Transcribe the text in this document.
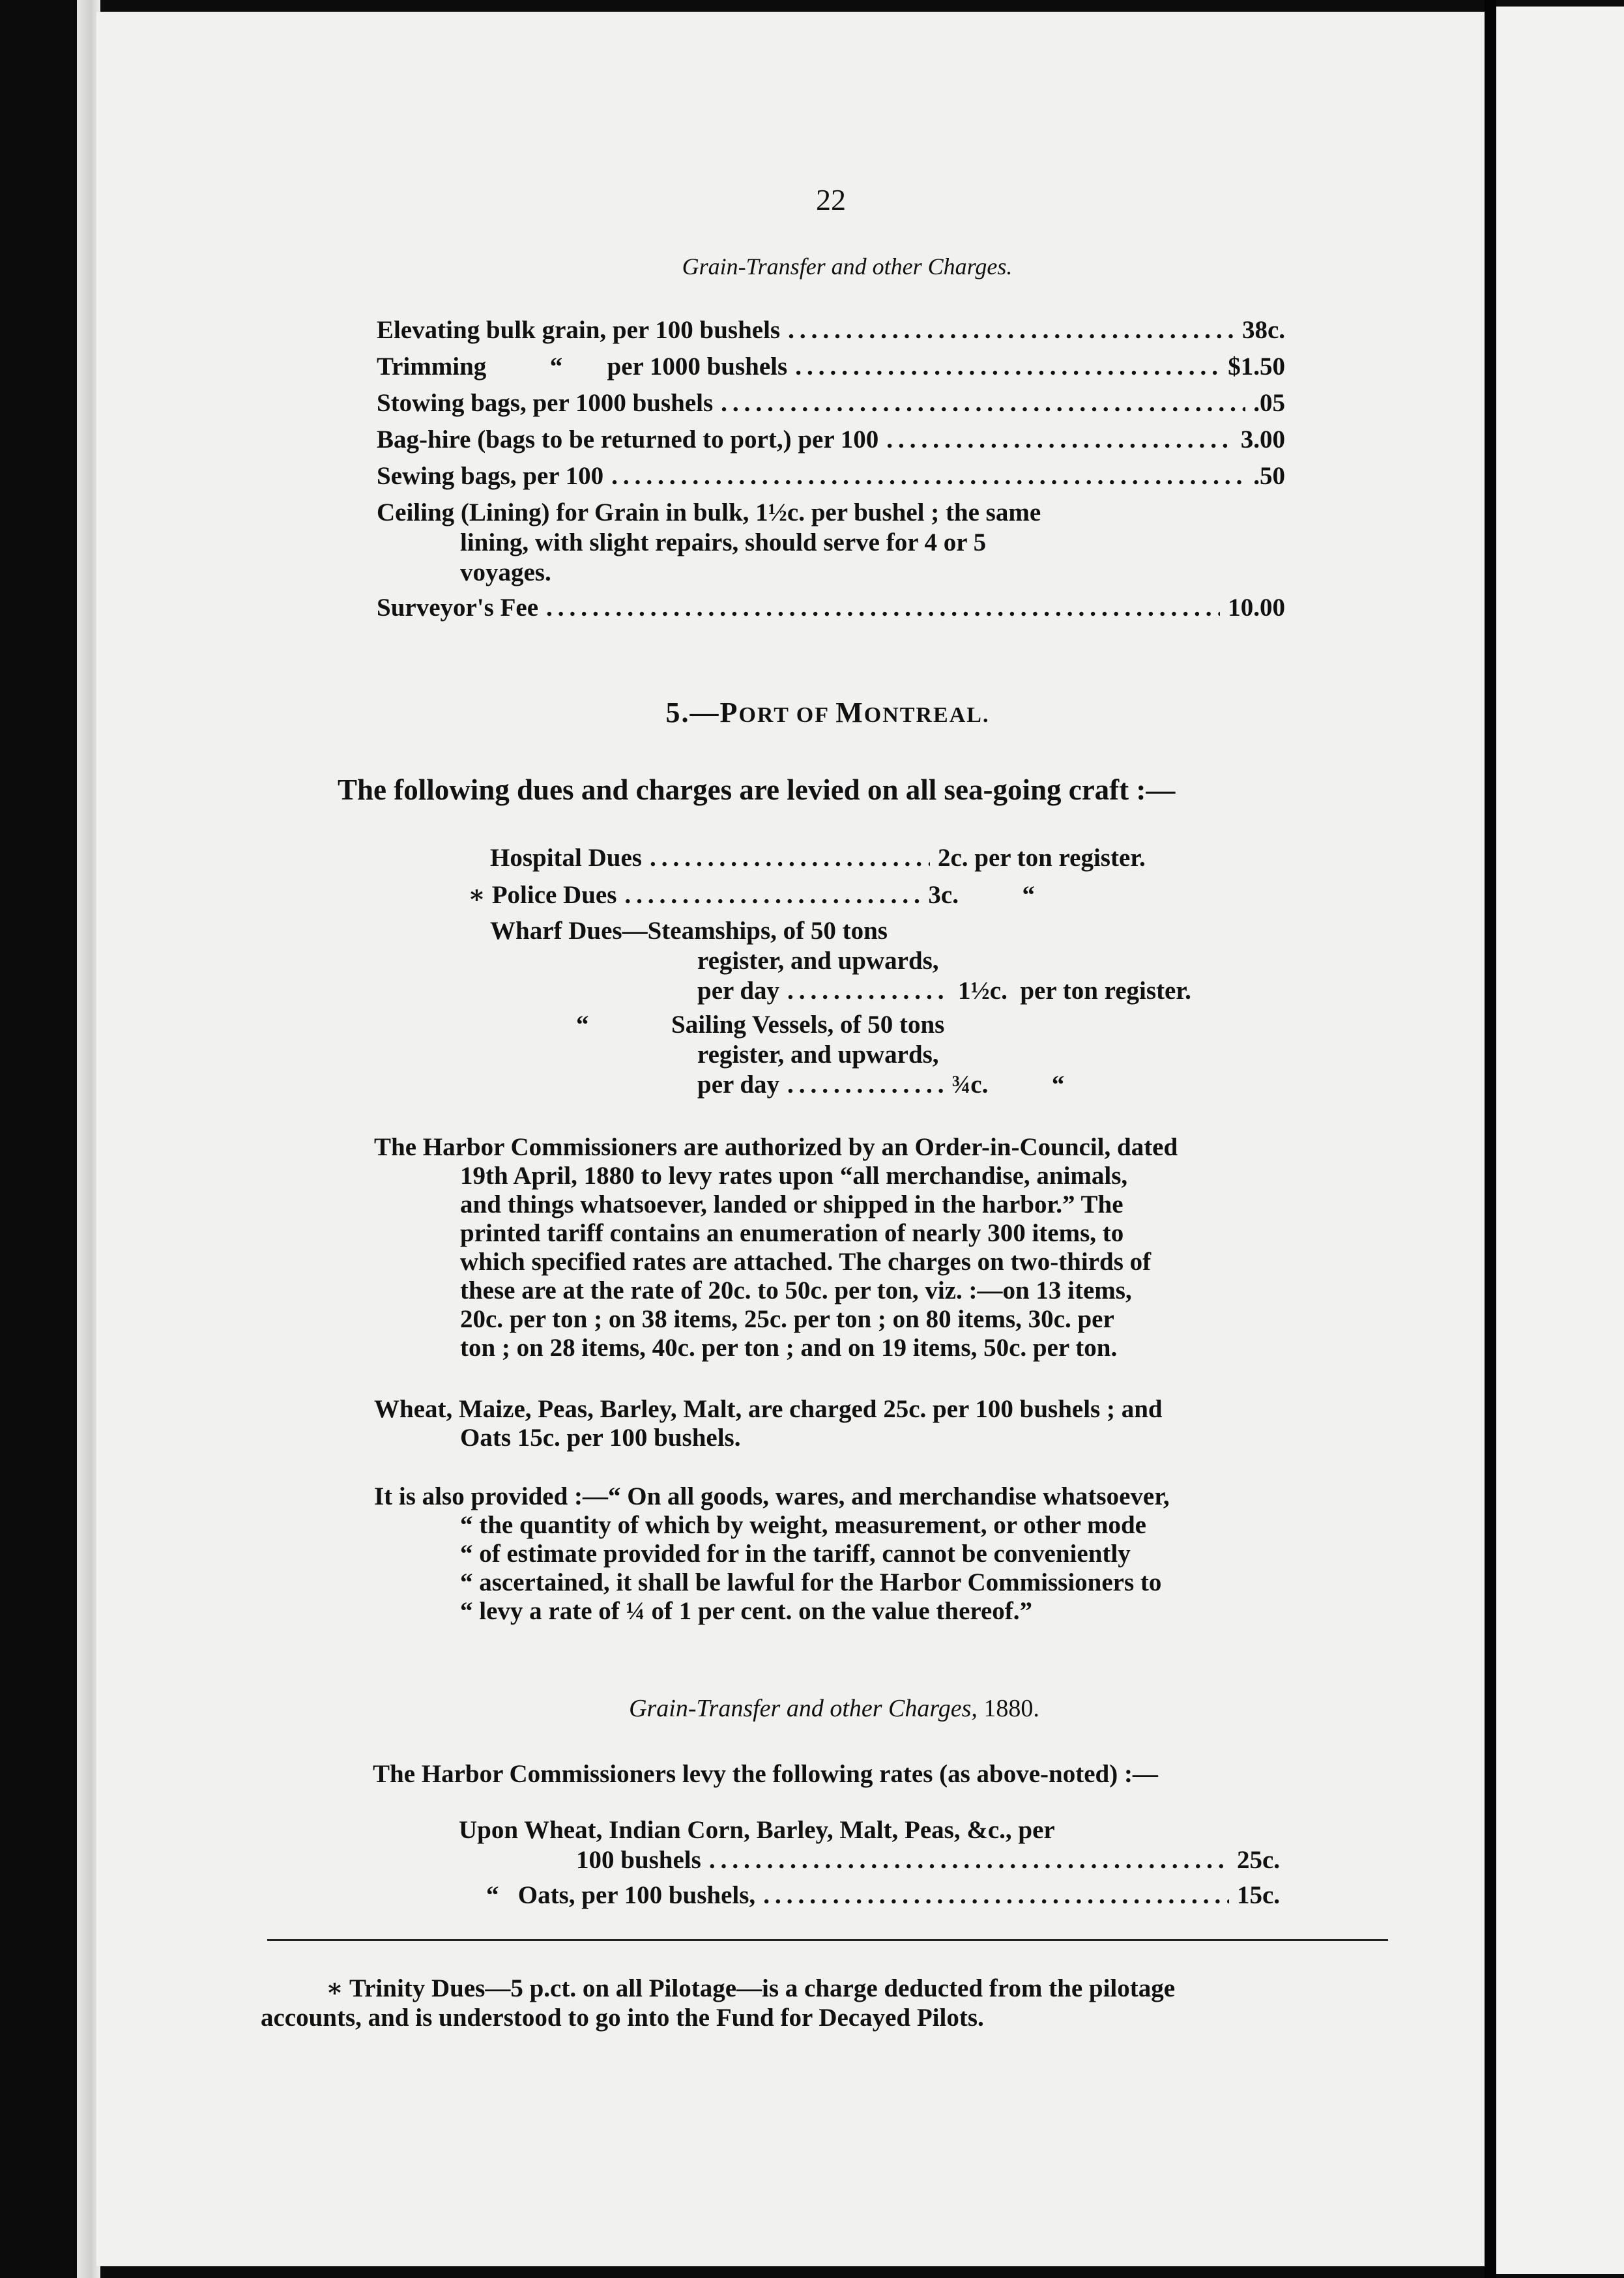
22
Grain-Transfer and other Charges.
Elevating bulk grain, per 100 bushels .....	38c.
Trimming          “       per 1000 bushels .....	$1.50
Stowing bags, per 1000 bushels .....	.05
Bag-hire (bags to be returned to port,) per 100 .....	3.00
Sewing bags, per 100 .....	.50
Ceiling (Lining) for Grain in bulk, 1½c. per bushel ; the same
lining, with slight repairs, should serve for 4 or 5
voyages.
Surveyor's Fee .....	10.00
5.—PORT OF MONTREAL.
The following dues and charges are levied on all sea-going craft :—
Hospital Dues .....	2c. per ton register.
∗ Police Dues .....	3c.          “
Wharf Dues—Steamships, of 50 tons
register, and upwards,
per day .....	1½c.  per ton register.
“	Sailing Vessels, of 50 tons
register, and upwards,
per day .....	¾c.          “
The Harbor Commissioners are authorized by an Order-in-Council, dated
19th April, 1880 to levy rates upon “all merchandise, animals,
and things whatsoever, landed or shipped in the harbor.” The
printed tariff contains an enumeration of nearly 300 items, to
which specified rates are attached. The charges on two-thirds of
these are at the rate of 20c. to 50c. per ton, viz. :—on 13 items,
20c. per ton ; on 38 items, 25c. per ton ; on 80 items, 30c. per
ton ; on 28 items, 40c. per ton ; and on 19 items, 50c. per ton.
Wheat, Maize, Peas, Barley, Malt, are charged 25c. per 100 bushels ; and
Oats 15c. per 100 bushels.
It is also provided :—“ On all goods, wares, and merchandise whatsoever,
“ the quantity of which by weight, measurement, or other mode
“ of estimate provided for in the tariff, cannot be conveniently
“ ascertained, it shall be lawful for the Harbor Commissioners to
“ levy a rate of ¼ of 1 per cent. on the value thereof.”
Grain-Transfer and other Charges, 1880.
The Harbor Commissioners levy the following rates (as above-noted) :—
Upon Wheat, Indian Corn, Barley, Malt, Peas, &c., per
100 bushels .....	25c.
“   Oats, per 100 bushels, .....	15c.
∗ Trinity Dues—5 p.ct. on all Pilotage—is a charge deducted from the pilotage
accounts, and is understood to go into the Fund for Decayed Pilots.
